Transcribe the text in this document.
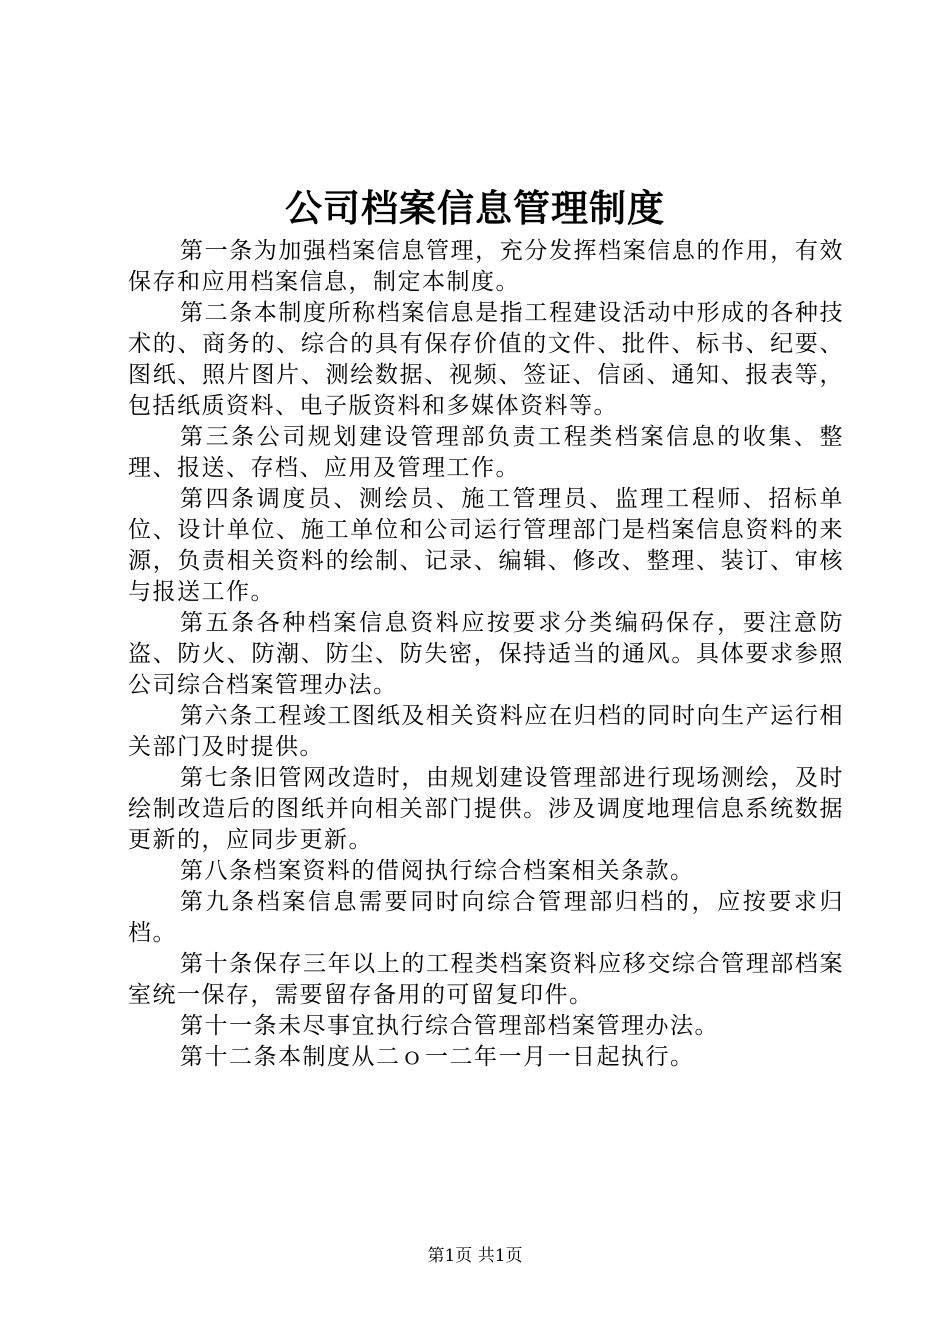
公司档案信息管理制度

第一条为加强档案信息管理，充分发挥档案信息的作用，有效保存和应用档案信息，制定本制度。

第二条本制度所称档案信息是指工程建设活动中形成的各种技术的、商务的、综合的具有保存价值的文件、批件、标书、纪要、图纸、照片图片、测绘数据、视频、签证、信函、通知、报表等，包括纸质资料、电子版资料和多媒体资料等。

第三条公司规划建设管理部负责工程类档案信息的收集、整理、报送、存档、应用及管理工作。

第四条调度员、测绘员、施工管理员、监理工程师、招标单位、设计单位、施工单位和公司运行管理部门是档案信息资料的来源，负责相关资料的绘制、记录、编辑、修改、整理、装订、审核与报送工作。

第五条各种档案信息资料应按要求分类编码保存，要注意防盗、防火、防潮、防尘、防失密，保持适当的通风。具体要求参照公司综合档案管理办法。

第六条工程竣工图纸及相关资料应在归档的同时向生产运行相关部门及时提供。

第七条旧管网改造时，由规划建设管理部进行现场测绘，及时绘制改造后的图纸并向相关部门提供。涉及调度地理信息系统数据更新的，应同步更新。

第八条档案资料的借阅执行综合档案相关条款。

第九条档案信息需要同时向综合管理部归档的，应按要求归档。

第十条保存三年以上的工程类档案资料应移交综合管理部档案室统一保存，需要留存备用的可留复印件。

第十一条未尽事宜执行综合管理部档案管理办法。

第十二条本制度从二ｏ一二年一月一日起执行。

第1页 共1页
